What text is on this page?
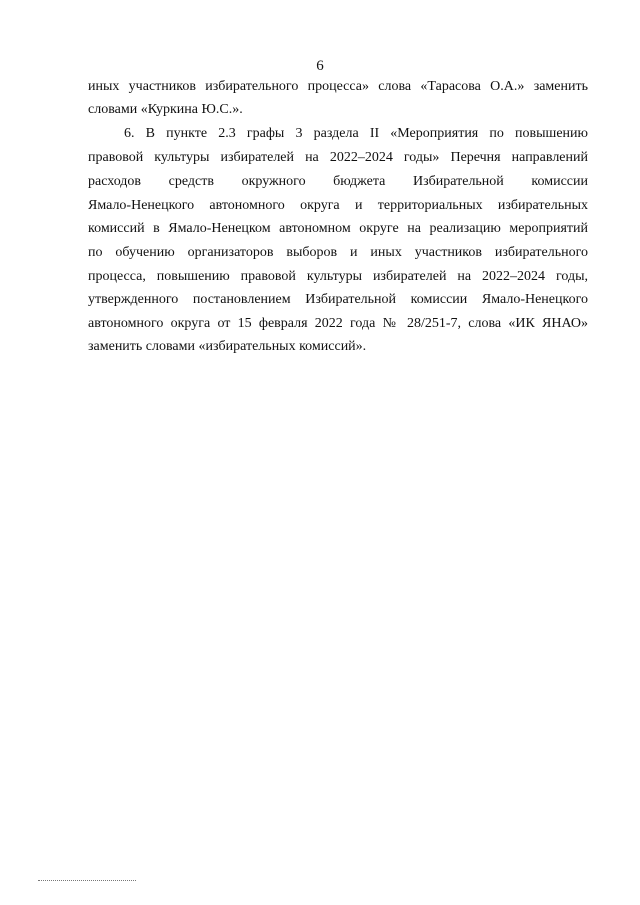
6
иных участников избирательного процесса» слова «Тарасова О.А.» заменить
словами «Куркина Ю.С.».
6. В пункте 2.3 графы 3 раздела II «Мероприятия по повышению
правовой культуры избирателей на 2022–2024 годы» Перечня направлений
расходов средств окружного бюджета Избирательной комиссии
Ямало-Ненецкого автономного округа и территориальных избирательных
комиссий в Ямало-Ненецком автономном округе на реализацию мероприятий
по обучению организаторов выборов и иных участников избирательного
процесса, повышению правовой культуры избирателей на 2022–2024 годы,
утвержденного постановлением Избирательной комиссии Ямало-Ненецкого
автономного округа от 15 февраля 2022 года № 28/251-7, слова «ИК ЯНАО»
заменить словами «избирательных комиссий».
